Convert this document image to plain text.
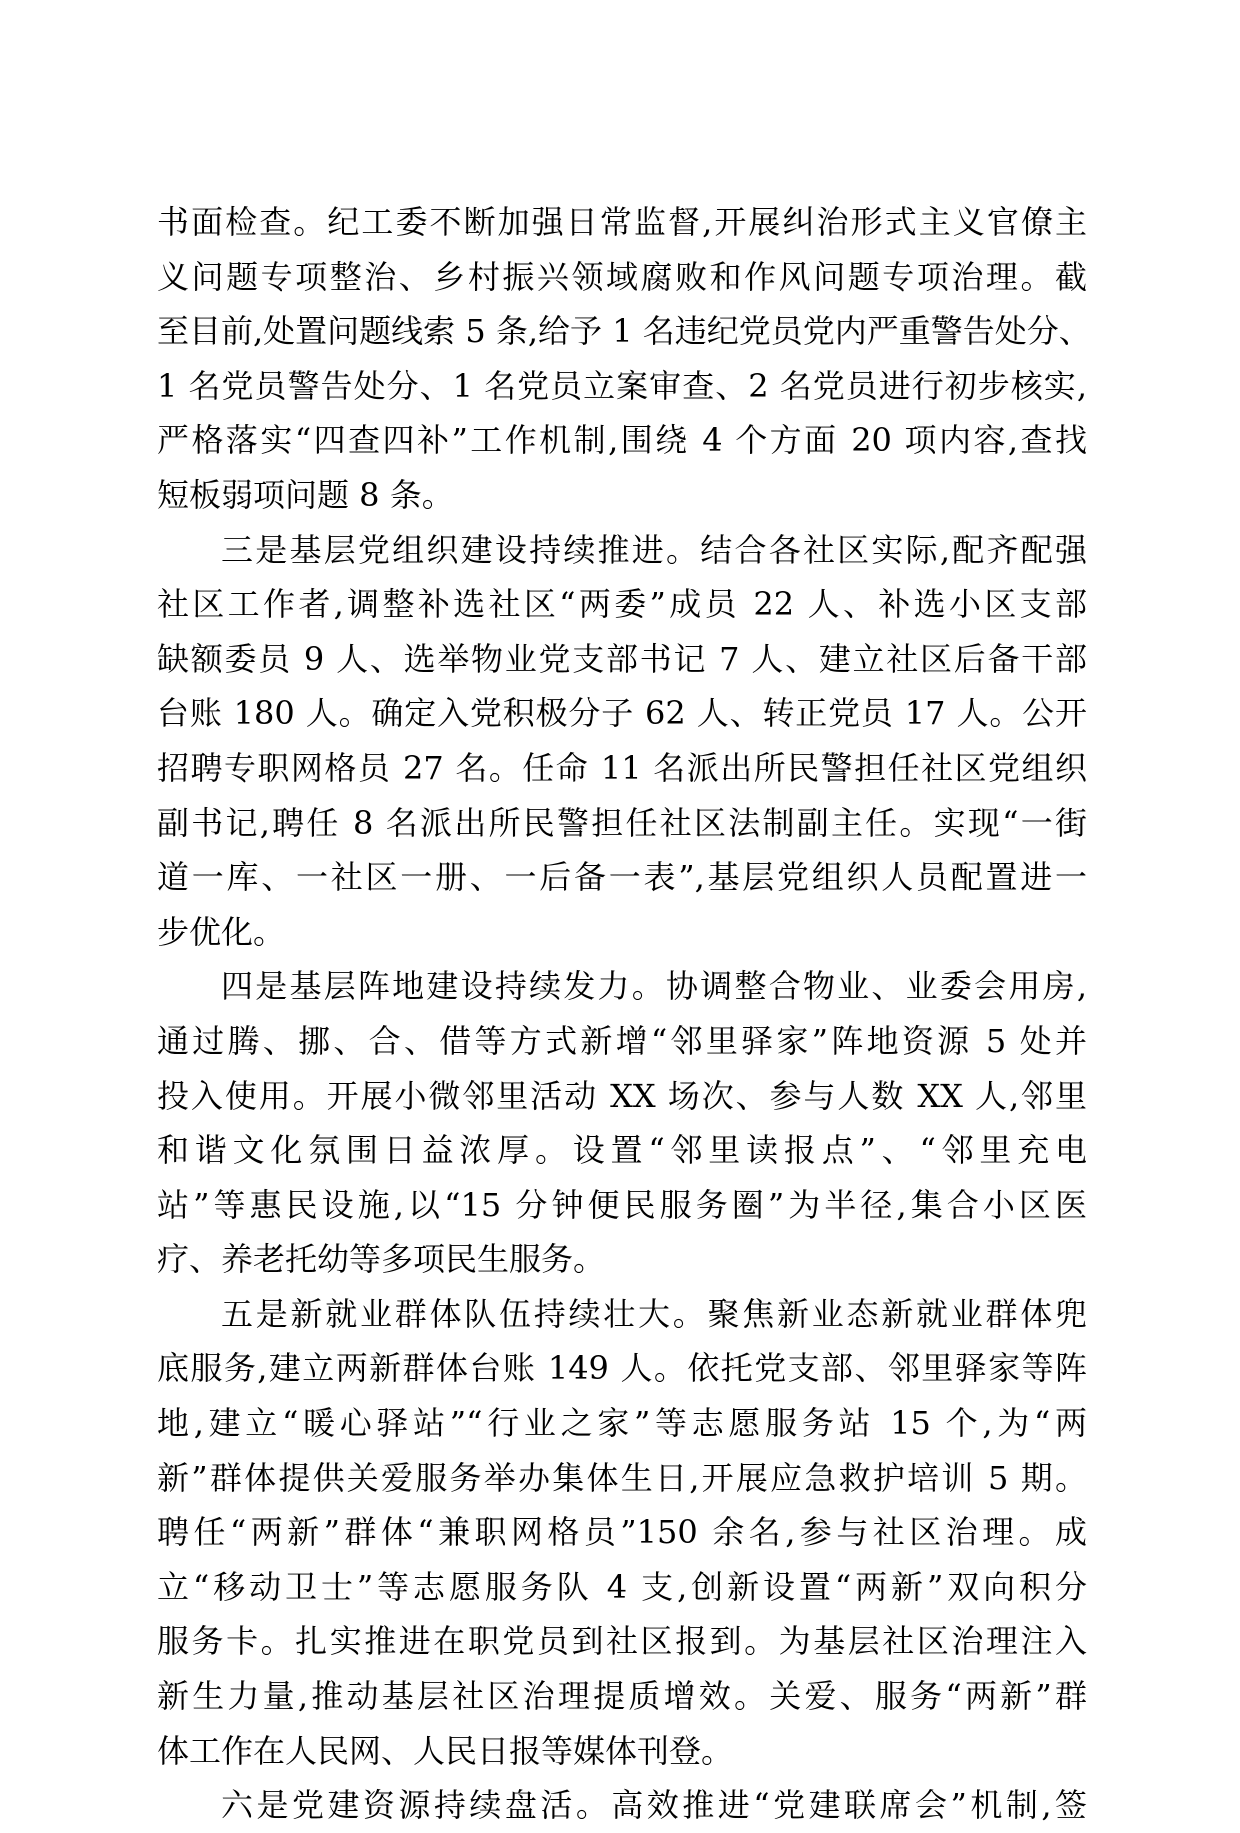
书面检查。纪工委不断加强日常监督,开展纠治形式主义官僚主
义问题专项整治、乡村振兴领域腐败和作风问题专项治理。截
至目前,处置问题线索 5 条,给予 1 名违纪党员党内严重警告处分、
1 名党员警告处分、1 名党员立案审查、2 名党员进行初步核实,
严格落实“四查四补”工作机制,围绕 4 个方面 20 项内容,查找
短板弱项问题 8 条。
三是基层党组织建设持续推进。结合各社区实际,配齐配强
社区工作者,调整补选社区“两委”成员 22 人、补选小区支部
缺额委员 9 人、选举物业党支部书记 7 人、建立社区后备干部
台账 180 人。确定入党积极分子 62 人、转正党员 17 人。公开
招聘专职网格员 27 名。任命 11 名派出所民警担任社区党组织
副书记,聘任 8 名派出所民警担任社区法制副主任。实现“一街
道一库、一社区一册、一后备一表”,基层党组织人员配置进一
步优化。
四是基层阵地建设持续发力。协调整合物业、业委会用房,
通过腾、挪、合、借等方式新增“邻里驿家”阵地资源 5 处并
投入使用。开展小微邻里活动 XX 场次、参与人数 XX 人,邻里
和谐文化氛围日益浓厚。设置“邻里读报点”、“邻里充电
站”等惠民设施,以“15 分钟便民服务圈”为半径,集合小区医
疗、养老托幼等多项民生服务。
五是新就业群体队伍持续壮大。聚焦新业态新就业群体兜
底服务,建立两新群体台账 149 人。依托党支部、邻里驿家等阵
地,建立“暖心驿站”“行业之家”等志愿服务站 15 个,为“两
新”群体提供关爱服务举办集体生日,开展应急救护培训 5 期。
聘任“两新”群体“兼职网格员”150 余名,参与社区治理。成
立“移动卫士”等志愿服务队 4 支,创新设置“两新”双向积分
服务卡。扎实推进在职党员到社区报到。为基层社区治理注入
新生力量,推动基层社区治理提质增效。关爱、服务“两新”群
体工作在人民网、人民日报等媒体刊登。
六是党建资源持续盘活。高效推进“党建联席会”机制,签
